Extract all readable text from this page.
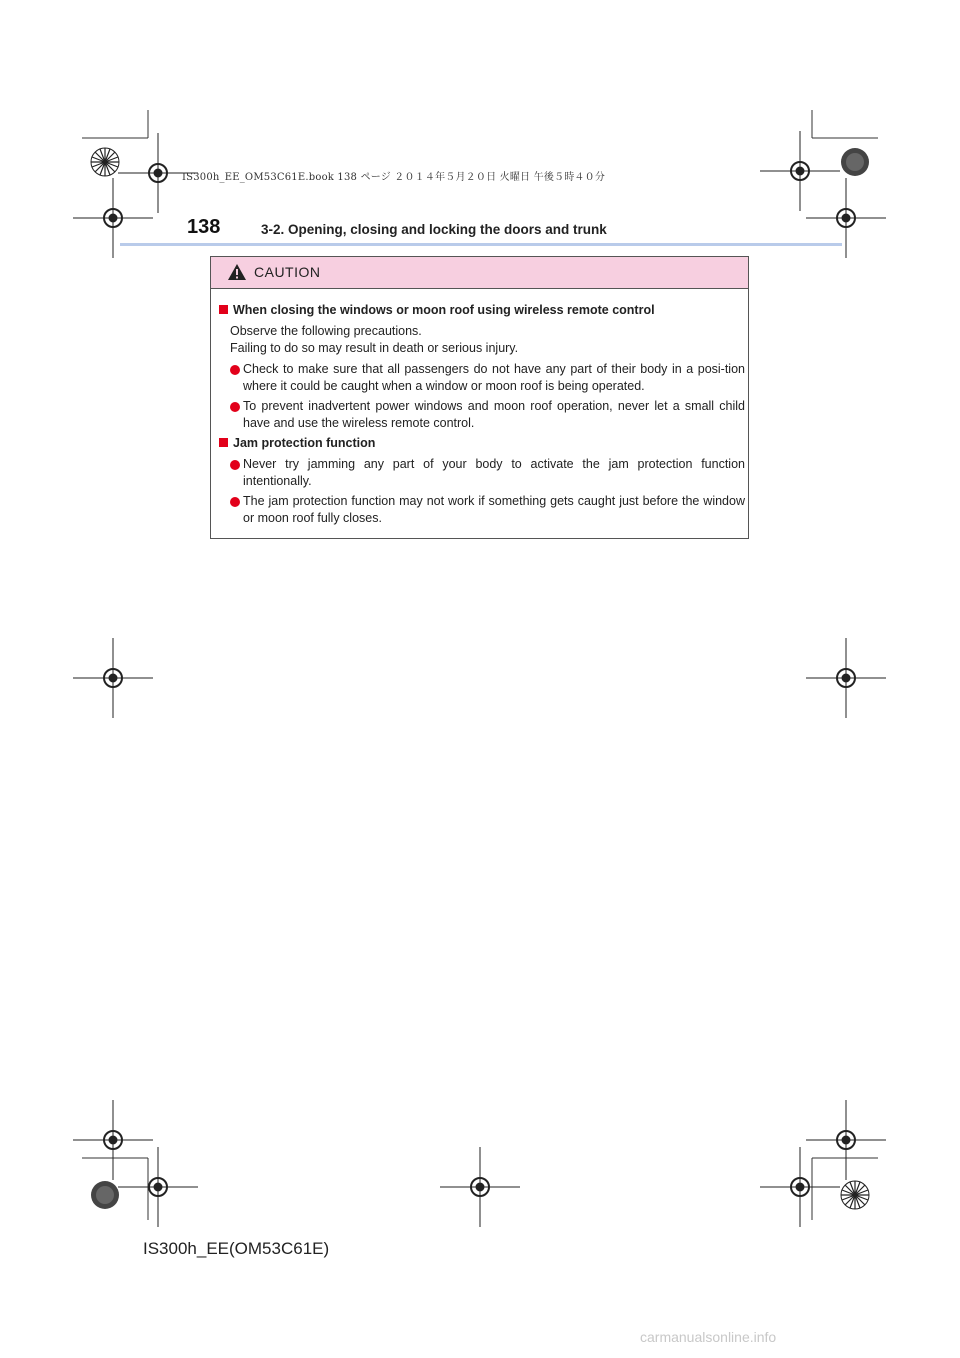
IS300h_EE_OM53C61E.book 138 ページ ２０１４年５月２０日 火曜日 午後５時４０分
138	3-2. Opening, closing and locking the doors and trunk
CAUTION
When closing the windows or moon roof using wireless remote control
Observe the following precautions.
Failing to do so may result in death or serious injury.
Check to make sure that all passengers do not have any part of their body in a posi-tion where it could be caught when a window or moon roof is being operated.
To prevent inadvertent power windows and moon roof operation, never let a small child have and use the wireless remote control.
Jam protection function
Never try jamming any part of your body to activate the jam protection function intentionally.
The jam protection function may not work if something gets caught just before the window or moon roof fully closes.
IS300h_EE(OM53C61E)
carmanualsonline.info
